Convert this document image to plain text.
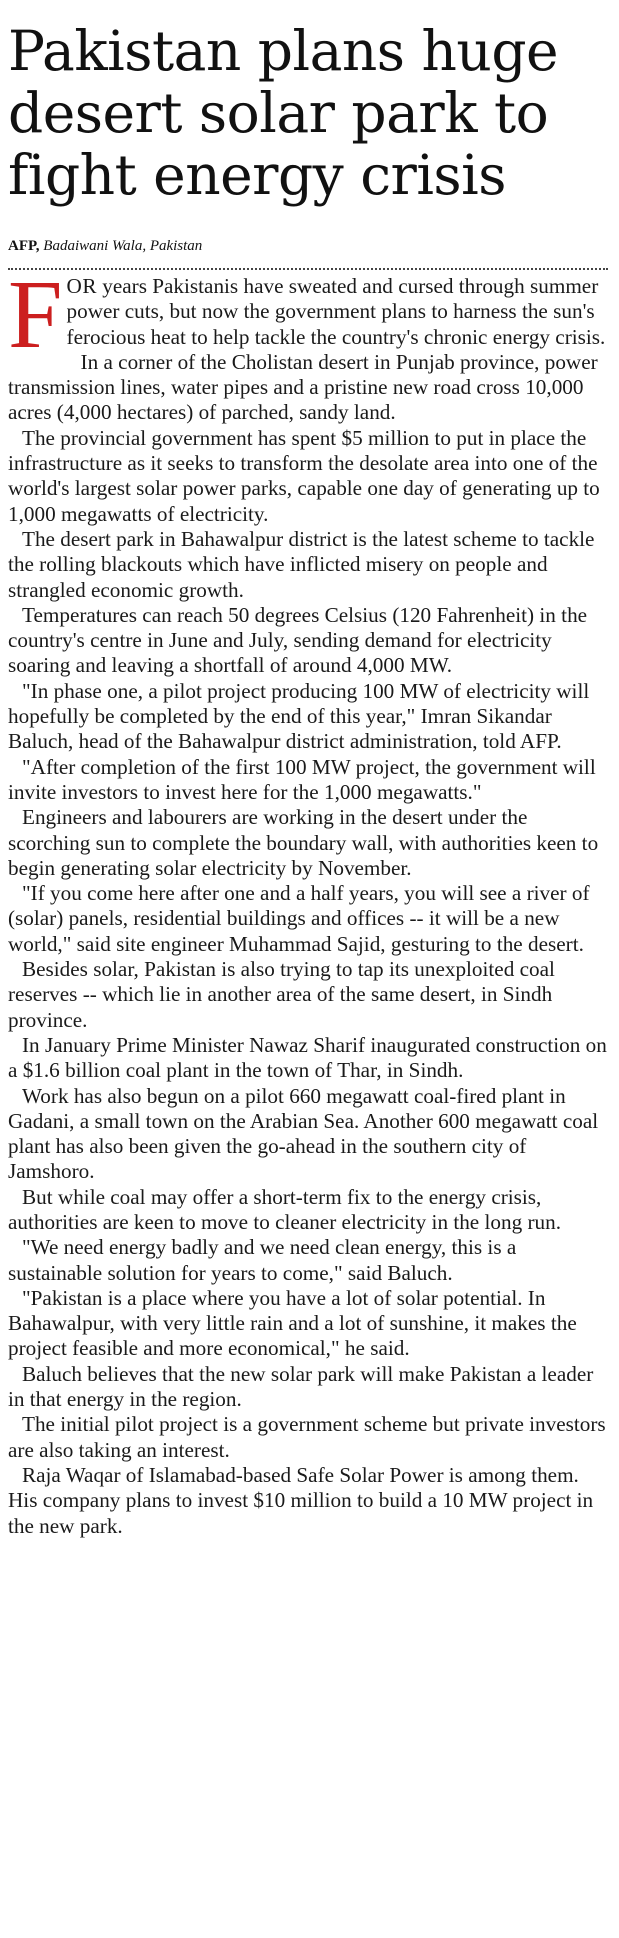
Pakistan plans huge desert solar park to fight energy crisis
AFP, Badaiwani Wala, Pakistan

FOR years Pakistanis have sweated and cursed through summer power cuts, but now the government plans to harness the sun's ferocious heat to help tackle the country's chronic energy crisis.

In a corner of the Cholistan desert in Punjab province, power transmission lines, water pipes and a pristine new road cross 10,000 acres (4,000 hectares) of parched, sandy land.

The provincial government has spent $5 million to put in place the infrastructure as it seeks to transform the desolate area into one of the world's largest solar power parks, capable one day of generating up to 1,000 megawatts of electricity.

The desert park in Bahawalpur district is the latest scheme to tackle the rolling blackouts which have inflicted misery on people and strangled economic growth.

Temperatures can reach 50 degrees Celsius (120 Fahrenheit) in the country's centre in June and July, sending demand for electricity soaring and leaving a shortfall of around 4,000 MW.

"In phase one, a pilot project producing 100 MW of electricity will hopefully be completed by the end of this year," Imran Sikandar Baluch, head of the Bahawalpur district administration, told AFP.

"After completion of the first 100 MW project, the government will invite investors to invest here for the 1,000 megawatts."

Engineers and labourers are working in the desert under the scorching sun to complete the boundary wall, with authorities keen to begin generating solar electricity by November.

"If you come here after one and a half years, you will see a river of (solar) panels, residential buildings and offices -- it will be a new world," said site engineer Muhammad Sajid, gesturing to the desert.

Besides solar, Pakistan is also trying to tap its unexploited coal reserves -- which lie in another area of the same desert, in Sindh province.

In January Prime Minister Nawaz Sharif inaugurated construction on a $1.6 billion coal plant in the town of Thar, in Sindh.

Work has also begun on a pilot 660 megawatt coal-fired plant in Gadani, a small town on the Arabian Sea. Another 600 megawatt coal plant has also been given the go-ahead in the southern city of Jamshoro.

But while coal may offer a short-term fix to the energy crisis, authorities are keen to move to cleaner electricity in the long run.

"We need energy badly and we need clean energy, this is a sustainable solution for years to come," said Baluch.

"Pakistan is a place where you have a lot of solar potential. In Bahawalpur, with very little rain and a lot of sunshine, it makes the project feasible and more economical," he said.

Baluch believes that the new solar park will make Pakistan a leader in that energy in the region.

The initial pilot project is a government scheme but private investors are also taking an interest.

Raja Waqar of Islamabad-based Safe Solar Power is among them. His company plans to invest $10 million to build a 10 MW project in the new park.
